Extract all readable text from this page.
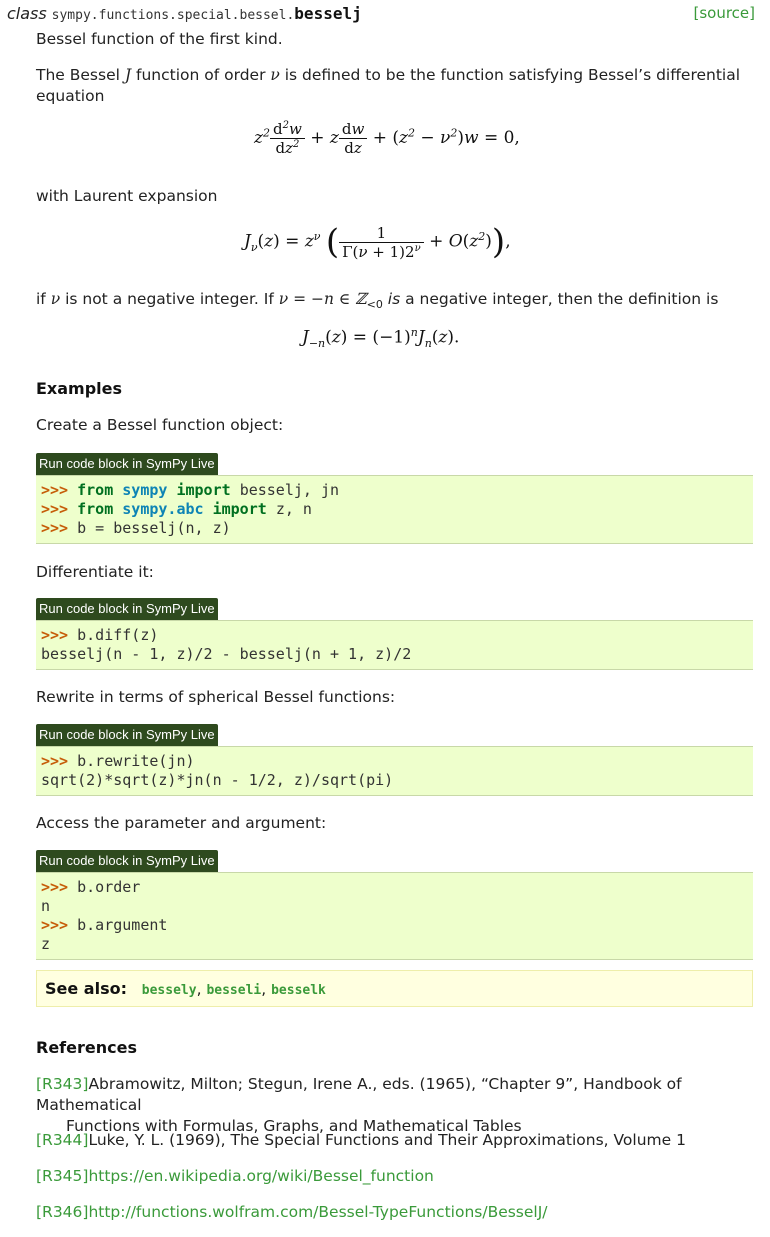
class sympy.functions.special.bessel.besselj	[source]
Bessel function of the first kind.
The Bessel J function of order ν is defined to be the function satisfying Bessel’s differential equation
$z^2 \frac{d^2w}{dz^2} + z \frac{dw}{dz} + (z^2 - \nu^2)w = 0$,
with Laurent expansion
$J_\nu(z) = z^\nu$ ( $\frac{1}{\Gamma(\nu + 1)2^\nu} + O(z^2)$),
if ν is not a negative integer. If ν = −n ∈ ℤ$_{<0}$ is a negative integer, then the definition is
$J_{-n}(z) = (-1)^nJ_n(z)$.
Examples
Create a Bessel function object:
Run code block in SymPy Live
>>> from sympy import besselj, jn
>>> from sympy.abc import z, n
>>> b = besselj(n, z)
Differentiate it:
Run code block in SymPy Live
>>> b.diff(z)
besselj(n - 1, z)/2 - besselj(n + 1, z)/2
Rewrite in terms of spherical Bessel functions:
Run code block in SymPy Live
>>> b.rewrite(jn)
sqrt(2)*sqrt(z)*jn(n - 1/2, z)/sqrt(pi)
Access the parameter and argument:
Run code block in SymPy Live
>>> b.order
n
>>> b.argument
z
See also: bessely, besseli, besselk
References
[R343]Abramowitz, Milton; Stegun, Irene A., eds. (1965), “Chapter 9”, Handbook of Mathematical
Functions with Formulas, Graphs, and Mathematical Tables
[R344]Luke, Y. L. (1969), The Special Functions and Their Approximations, Volume 1
[R345]https://en.wikipedia.org/wiki/Bessel_function
[R346]http://functions.wolfram.com/Bessel-TypeFunctions/BesselJ/
